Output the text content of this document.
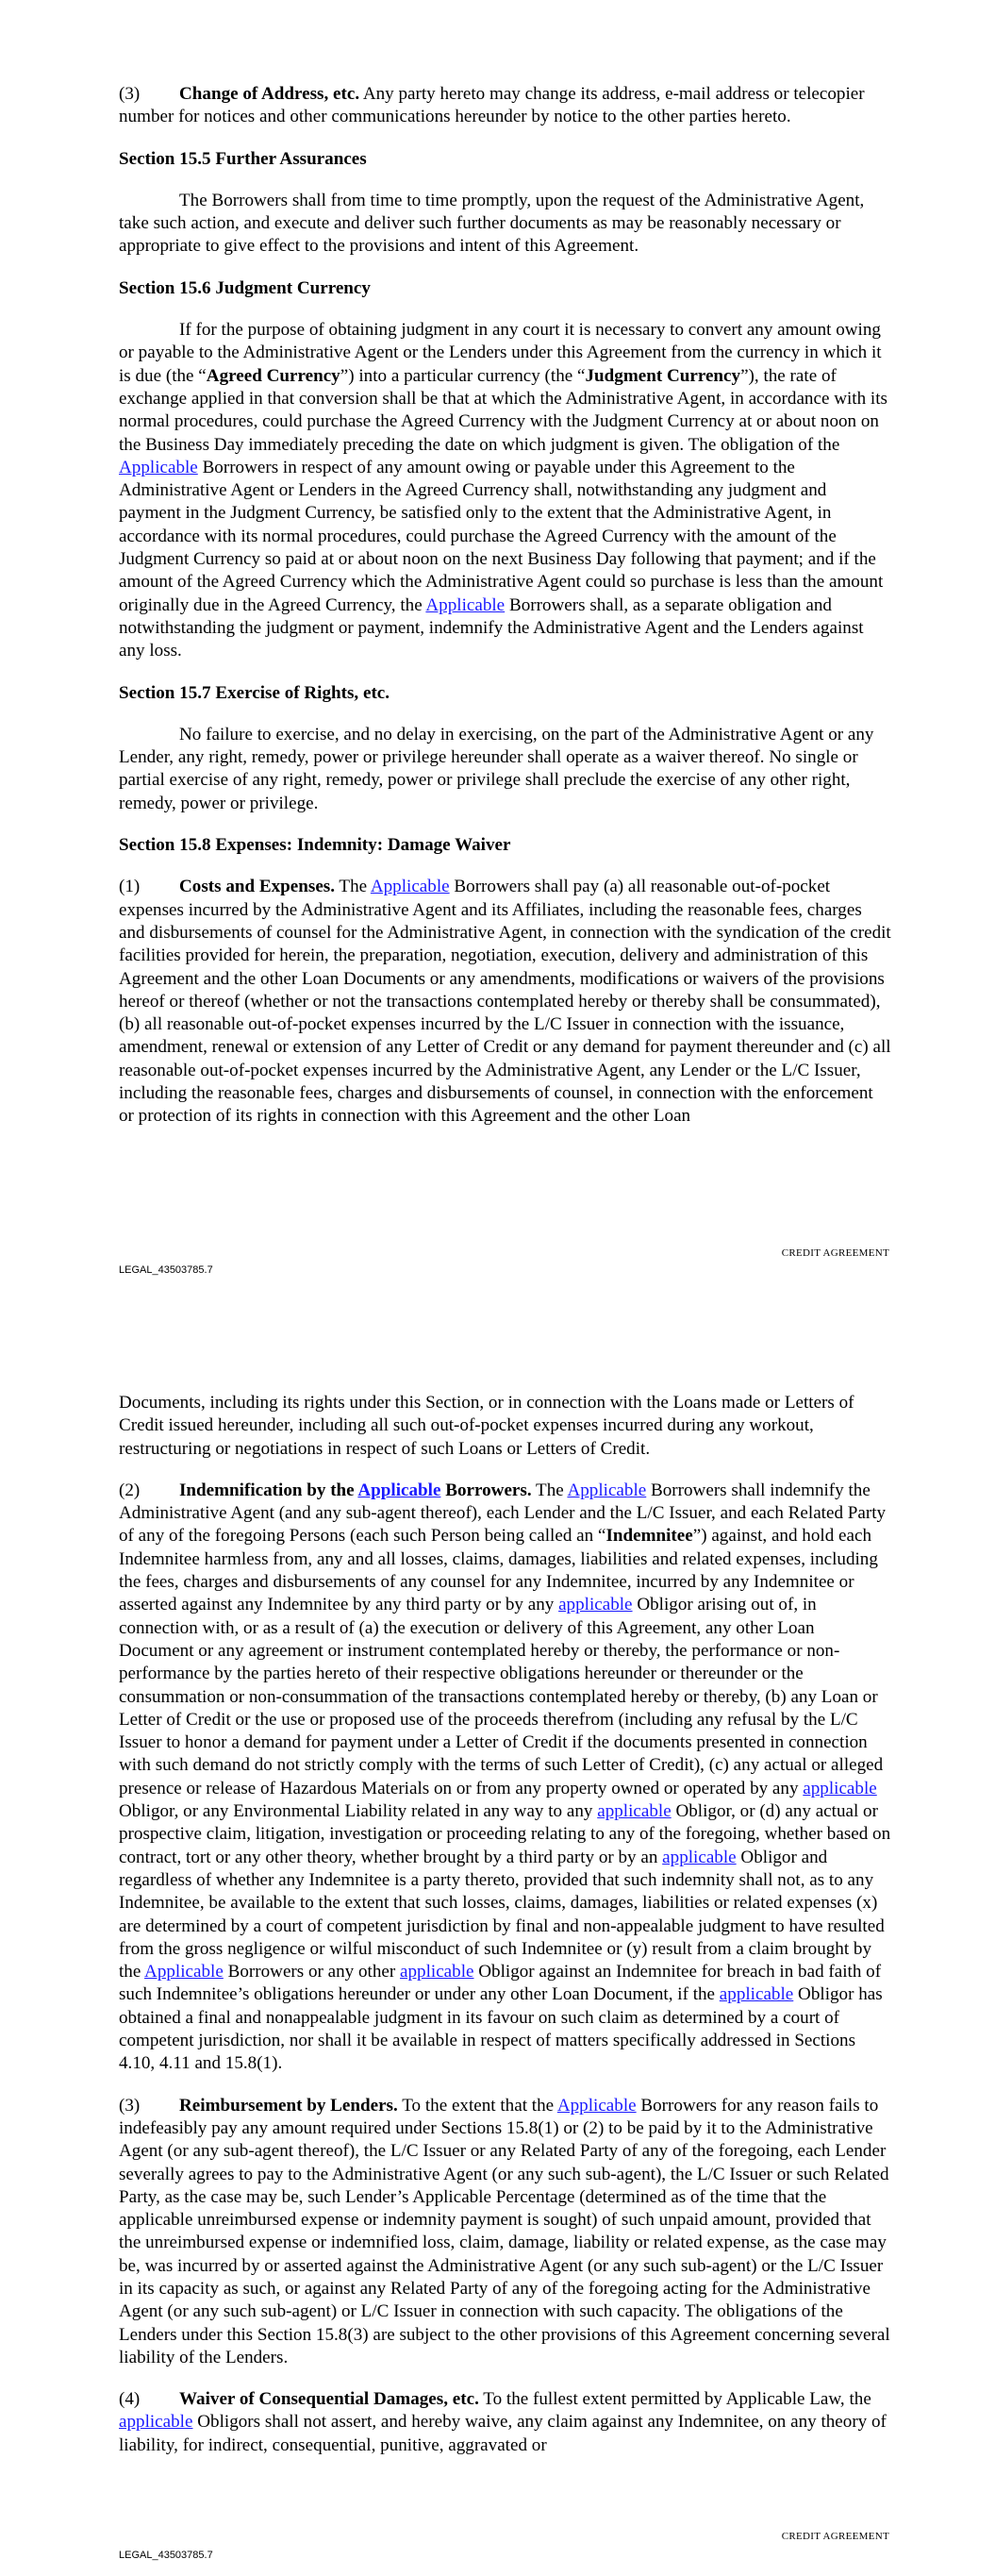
(3) Change of Address, etc. Any party hereto may change its address, e-mail address or telecopier number for notices and other communications hereunder by notice to the other parties hereto.

Section 15.5 Further Assurances

The Borrowers shall from time to time promptly, upon the request of the Administrative Agent, take such action, and execute and deliver such further documents as may be reasonably necessary or appropriate to give effect to the provisions and intent of this Agreement.

Section 15.6 Judgment Currency

If for the purpose of obtaining judgment in any court it is necessary to convert any amount owing or payable to the Administrative Agent or the Lenders under this Agreement from the currency in which it is due (the “Agreed Currency”) into a particular currency (the “Judgment Currency”), the rate of exchange applied in that conversion shall be that at which the Administrative Agent, in accordance with its normal procedures, could purchase the Agreed Currency with the Judgment Currency at or about noon on the Business Day immediately preceding the date on which judgment is given. The obligation of the Applicable Borrowers in respect of any amount owing or payable under this Agreement to the Administrative Agent or Lenders in the Agreed Currency shall, notwithstanding any judgment and payment in the Judgment Currency, be satisfied only to the extent that the Administrative Agent, in accordance with its normal procedures, could purchase the Agreed Currency with the amount of the Judgment Currency so paid at or about noon on the next Business Day following that payment; and if the amount of the Agreed Currency which the Administrative Agent could so purchase is less than the amount originally due in the Agreed Currency, the Applicable Borrowers shall, as a separate obligation and notwithstanding the judgment or payment, indemnify the Administrative Agent and the Lenders against any loss.

Section 15.7 Exercise of Rights, etc.

No failure to exercise, and no delay in exercising, on the part of the Administrative Agent or any Lender, any right, remedy, power or privilege hereunder shall operate as a waiver thereof. No single or partial exercise of any right, remedy, power or privilege shall preclude the exercise of any other right, remedy, power or privilege.

Section 15.8 Expenses: Indemnity: Damage Waiver

(1) Costs and Expenses. The Applicable Borrowers shall pay (a) all reasonable out-of-pocket expenses incurred by the Administrative Agent and its Affiliates, including the reasonable fees, charges and disbursements of counsel for the Administrative Agent, in connection with the syndication of the credit facilities provided for herein, the preparation, negotiation, execution, delivery and administration of this Agreement and the other Loan Documents or any amendments, modifications or waivers of the provisions hereof or thereof (whether or not the transactions contemplated hereby or thereby shall be consummated), (b) all reasonable out-of-pocket expenses incurred by the L/C Issuer in connection with the issuance, amendment, renewal or extension of any Letter of Credit or any demand for payment thereunder and (c) all reasonable out-of-pocket expenses incurred by the Administrative Agent, any Lender or the L/C Issuer, including the reasonable fees, charges and disbursements of counsel, in connection with the enforcement or protection of its rights in connection with this Agreement and the other Loan

CREDIT AGREEMENT
LEGAL_43503785.7

Documents, including its rights under this Section, or in connection with the Loans made or Letters of Credit issued hereunder, including all such out-of-pocket expenses incurred during any workout, restructuring or negotiations in respect of such Loans or Letters of Credit.

(2) Indemnification by the Applicable Borrowers. The Applicable Borrowers shall indemnify the Administrative Agent (and any sub-agent thereof), each Lender and the L/C Issuer, and each Related Party of any of the foregoing Persons (each such Person being called an “Indemnitee”) against, and hold each Indemnitee harmless from, any and all losses, claims, damages, liabilities and related expenses, including the fees, charges and disbursements of any counsel for any Indemnitee, incurred by any Indemnitee or asserted against any Indemnitee by any third party or by any applicable Obligor arising out of, in connection with, or as a result of (a) the execution or delivery of this Agreement, any other Loan Document or any agreement or instrument contemplated hereby or thereby, the performance or non-performance by the parties hereto of their respective obligations hereunder or thereunder or the consummation or non-consummation of the transactions contemplated hereby or thereby, (b) any Loan or Letter of Credit or the use or proposed use of the proceeds therefrom (including any refusal by the L/C Issuer to honor a demand for payment under a Letter of Credit if the documents presented in connection with such demand do not strictly comply with the terms of such Letter of Credit), (c) any actual or alleged presence or release of Hazardous Materials on or from any property owned or operated by any applicable Obligor, or any Environmental Liability related in any way to any applicable Obligor, or (d) any actual or prospective claim, litigation, investigation or proceeding relating to any of the foregoing, whether based on contract, tort or any other theory, whether brought by a third party or by an applicable Obligor and regardless of whether any Indemnitee is a party thereto, provided that such indemnity shall not, as to any Indemnitee, be available to the extent that such losses, claims, damages, liabilities or related expenses (x) are determined by a court of competent jurisdiction by final and non-appealable judgment to have resulted from the gross negligence or wilful misconduct of such Indemnitee or (y) result from a claim brought by the Applicable Borrowers or any other applicable Obligor against an Indemnitee for breach in bad faith of such Indemnitee’s obligations hereunder or under any other Loan Document, if the applicable Obligor has obtained a final and nonappealable judgment in its favour on such claim as determined by a court of competent jurisdiction, nor shall it be available in respect of matters specifically addressed in Sections 4.10, 4.11 and 15.8(1).

(3) Reimbursement by Lenders. To the extent that the Applicable Borrowers for any reason fails to indefeasibly pay any amount required under Sections 15.8(1) or (2) to be paid by it to the Administrative Agent (or any sub-agent thereof), the L/C Issuer or any Related Party of any of the foregoing, each Lender severally agrees to pay to the Administrative Agent (or any such sub-agent), the L/C Issuer or such Related Party, as the case may be, such Lender’s Applicable Percentage (determined as of the time that the applicable unreimbursed expense or indemnity payment is sought) of such unpaid amount, provided that the unreimbursed expense or indemnified loss, claim, damage, liability or related expense, as the case may be, was incurred by or asserted against the Administrative Agent (or any such sub-agent) or the L/C Issuer in its capacity as such, or against any Related Party of any of the foregoing acting for the Administrative Agent (or any such sub-agent) or L/C Issuer in connection with such capacity. The obligations of the Lenders under this Section 15.8(3) are subject to the other provisions of this Agreement concerning several liability of the Lenders.

(4) Waiver of Consequential Damages, etc. To the fullest extent permitted by Applicable Law, the applicable Obligors shall not assert, and hereby waive, any claim against any Indemnitee, on any theory of liability, for indirect, consequential, punitive, aggravated or

CREDIT AGREEMENT
LEGAL_43503785.7
